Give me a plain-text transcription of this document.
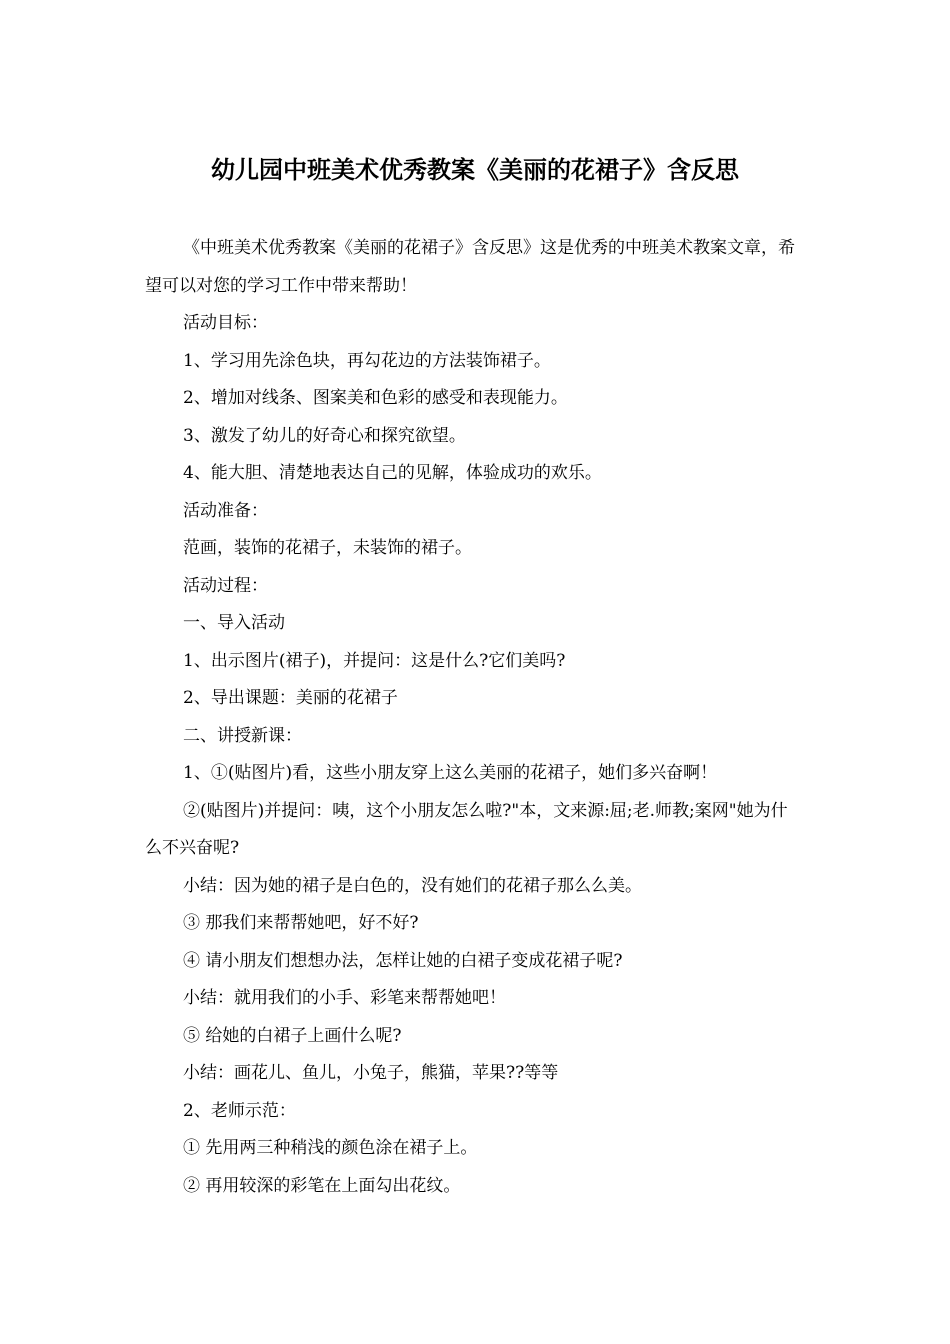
幼儿园中班美术优秀教案《美丽的花裙子》含反思

《中班美术优秀教案《美丽的花裙子》含反思》这是优秀的中班美术教案文章，希望可以对您的学习工作中带来帮助！

活动目标：

1、学习用先涂色块，再勾花边的方法装饰裙子。

2、增加对线条、图案美和色彩的感受和表现能力。

3、激发了幼儿的好奇心和探究欲望。

4、能大胆、清楚地表达自己的见解，体验成功的欢乐。

活动准备：

范画，装饰的花裙子，未装饰的裙子。

活动过程：

一、导入活动

1、出示图片(裙子)，并提问：这是什么?它们美吗?

2、导出课题：美丽的花裙子

二、讲授新课：

1、①(贴图片)看，这些小朋友穿上这么美丽的花裙子，她们多兴奋啊！

②(贴图片)并提问：咦，这个小朋友怎么啦?"本，文来源:屈;老.师教;案网"她为什么不兴奋呢?

小结：因为她的裙子是白色的，没有她们的花裙子那么么美。

③ 那我们来帮帮她吧，好不好?

④ 请小朋友们想想办法，怎样让她的白裙子变成花裙子呢?

小结：就用我们的小手、彩笔来帮帮她吧！

⑤ 给她的白裙子上画什么呢?

小结：画花儿、鱼儿，小兔子，熊猫，苹果??等等

2、老师示范：

① 先用两三种稍浅的颜色涂在裙子上。

② 再用较深的彩笔在上面勾出花纹。
